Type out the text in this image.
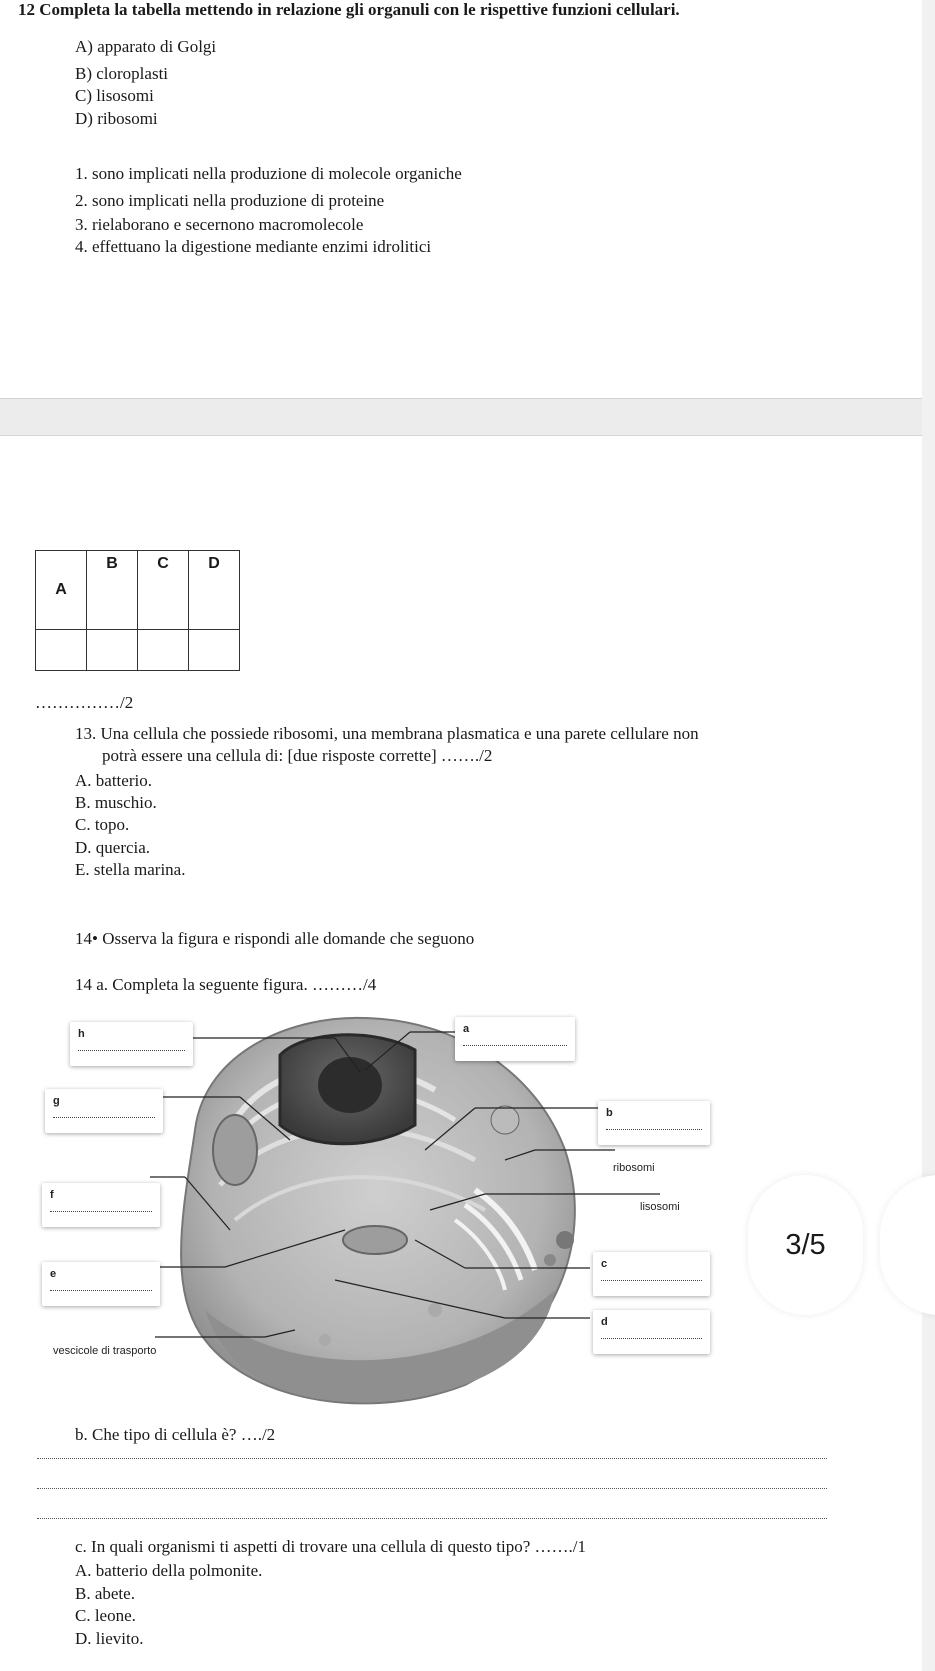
12 Completa la tabella mettendo in relazione gli organuli con le rispettive funzioni cellulari.
A) apparato di Golgi
B) cloroplasti
C) lisosomi
D) ribosomi
1. sono implicati nella produzione di molecole organiche
2. sono implicati nella produzione di proteine
3. rielaborano e secernono macromolecole
4. effettuano la digestione mediante enzimi idrolitici
A	B	C	D

……………/2
13. Una cellula che possiede ribosomi, una membrana plasmatica e una parete cellulare non
potrà essere una cellula di: [due risposte corrette] ……./2
A. batterio.
B. muschio.
C. topo.
D. quercia.
E. stella marina.
14• Osserva la figura e rispondi alle domande che seguono
14 a. Completa la seguente figura. ………/4
h
g
f
e
vescicole di trasporto
a
b
ribosomi
lisosomi
c
d
3/5
b. Che tipo di cellula è? …./2
c. In quali organismi ti aspetti di trovare una cellula di questo tipo? ……./1
A. batterio della polmonite.
B. abete.
C. leone.
D. lievito.
